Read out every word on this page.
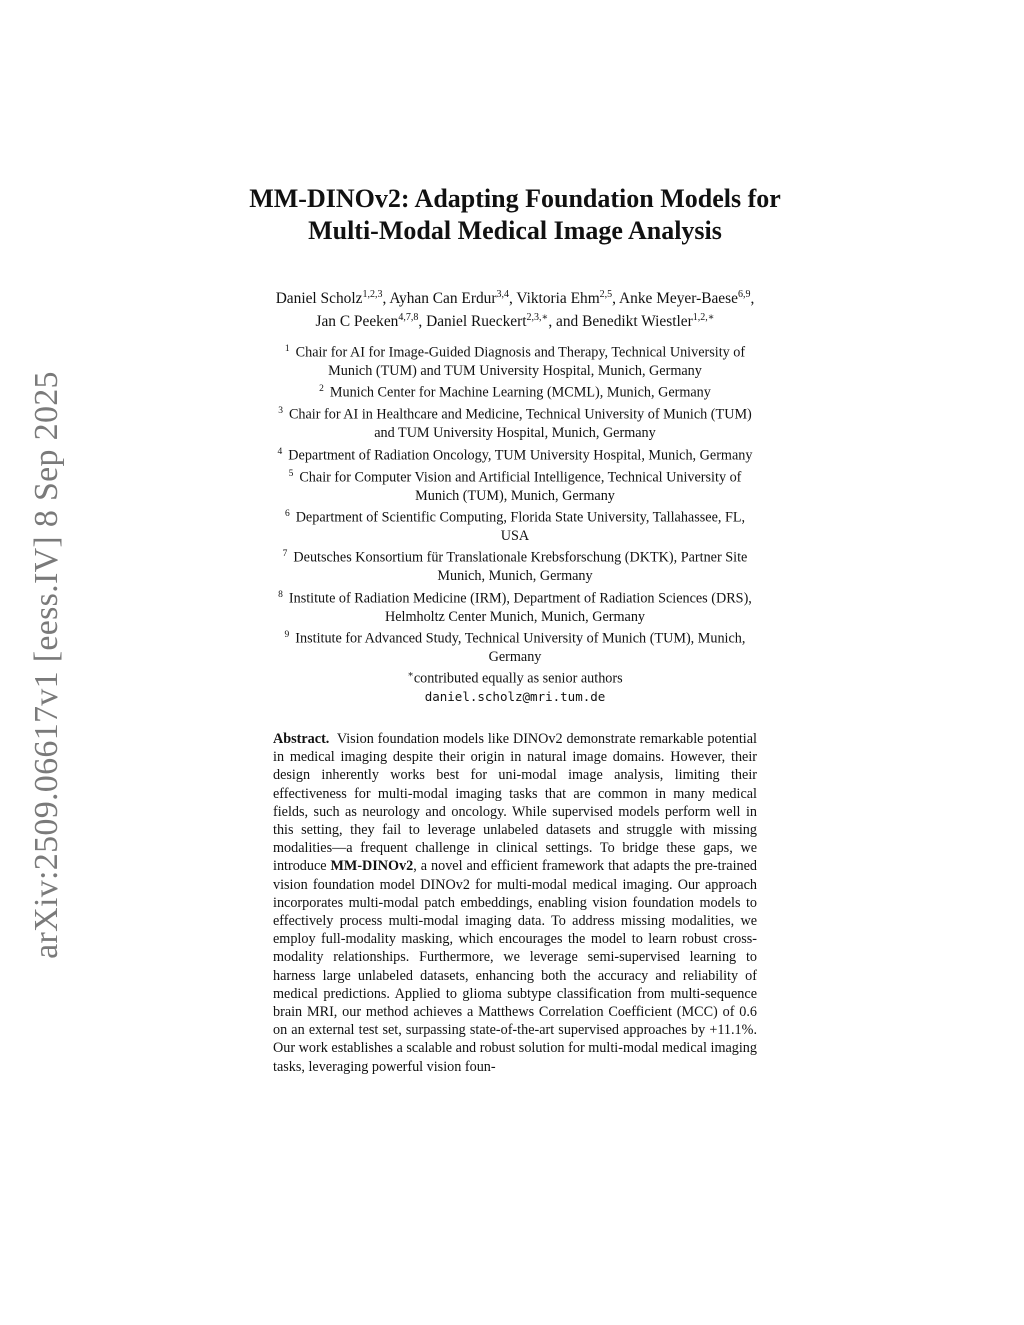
arXiv:2509.06617v1 [eess.IV] 8 Sep 2025
MM-DINOv2: Adapting Foundation Models for
Multi-Modal Medical Image Analysis
Daniel Scholz$^{1,2,3}$, Ayhan Can Erdur$^{3,4}$, Viktoria Ehm$^{2,5}$, Anke Meyer-Baese$^{6,9}$,
Jan C Peeken$^{4,7,8}$, Daniel Rueckert$^{2,3,∗}$, and Benedikt Wiestler$^{1,2,∗}$

$^1$ Chair for AI for Image-Guided Diagnosis and Therapy, Technical University of
Munich (TUM) and TUM University Hospital, Munich, Germany

$^2$ Munich Center for Machine Learning (MCML), Munich, Germany

$^3$ Chair for AI in Healthcare and Medicine, Technical University of Munich (TUM)
and TUM University Hospital, Munich, Germany

$^4$ Department of Radiation Oncology, TUM University Hospital, Munich, Germany

$^5$ Chair for Computer Vision and Artificial Intelligence, Technical University of
Munich (TUM), Munich, Germany

$^6$ Department of Scientific Computing, Florida State University, Tallahassee, FL,
USA

$^7$ Deutsches Konsortium für Translationale Krebsforschung (DKTK), Partner Site
Munich, Munich, Germany

$^8$ Institute of Radiation Medicine (IRM), Department of Radiation Sciences (DRS),
Helmholtz Center Munich, Munich, Germany

$^9$ Institute for Advanced Study, Technical University of Munich (TUM), Munich,
Germany

∗contributed equally as senior authors

daniel.scholz@mri.tum.de

Abstract. Vision foundation models like DINOv2 demonstrate remarkable potential in medical imaging despite their origin in natural image domains. However, their design inherently works best for uni-modal image analysis, limiting their effectiveness for multi-modal imaging tasks that are common in many medical fields, such as neurology and oncology. While supervised models perform well in this setting, they fail to leverage unlabeled datasets and struggle with missing modalities—a frequent challenge in clinical settings. To bridge these gaps, we introduce MM-DINOv2, a novel and efficient framework that adapts the pre-trained vision foundation model DINOv2 for multi-modal medical imaging. Our approach incorporates multi-modal patch embeddings, enabling vision foundation models to effectively process multi-modal imaging data. To address missing modalities, we employ full-modality masking, which encourages the model to learn robust cross-modality relationships. Furthermore, we leverage semi-supervised learning to harness large unlabeled datasets, enhancing both the accuracy and reliability of medical predictions. Applied to glioma subtype classification from multi-sequence brain MRI, our method achieves a Matthews Correlation Coefficient (MCC) of 0.6 on an external test set, surpassing state-of-the-art supervised approaches by +11.1%. Our work establishes a scalable and robust solution for multi-modal medical imaging tasks, leveraging powerful vision foun-
